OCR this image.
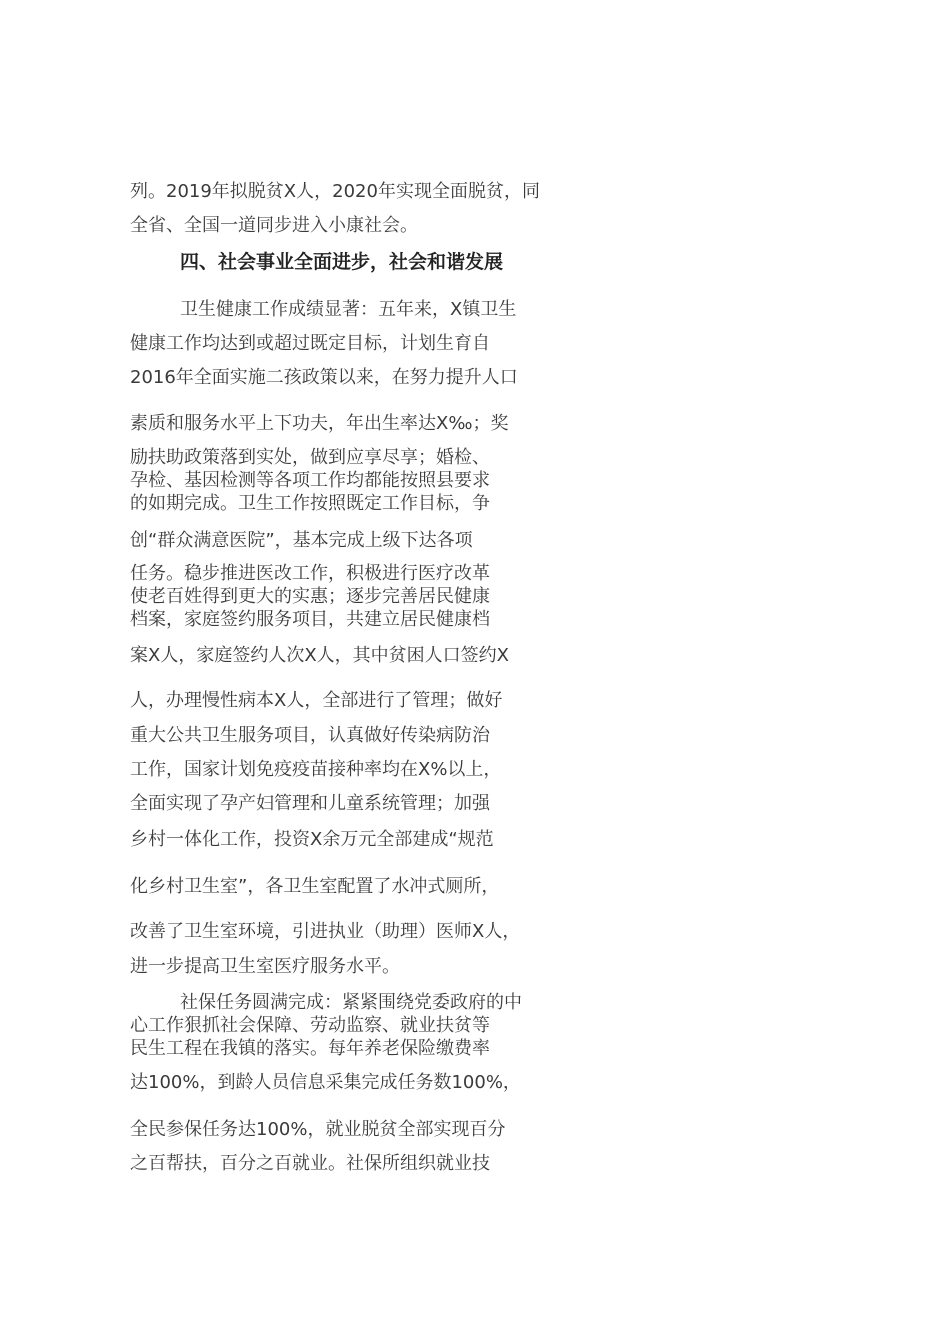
列。2019年拟脱贫X人，2020年实现全面脱贫，同
全省、全国一道同步进入小康社会。
四、社会事业全面进步，社会和谐发展
卫生健康工作成绩显著：五年来，X镇卫生
健康工作均达到或超过既定目标，计划生育自
2016年全面实施二孩政策以来，在努力提升人口
素质和服务水平上下功夫，年出生率达X‰；奖
励扶助政策落到实处，做到应享尽享；婚检、
孕检、基因检测等各项工作均都能按照县要求
的如期完成。卫生工作按照既定工作目标，争
创“群众满意医院”，基本完成上级下达各项
任务。稳步推进医改工作，积极进行医疗改革
使老百姓得到更大的实惠；逐步完善居民健康
档案，家庭签约服务项目，共建立居民健康档
案X人，家庭签约人次X人，其中贫困人口签约X
人，办理慢性病本X人，全部进行了管理；做好
重大公共卫生服务项目，认真做好传染病防治
工作，国家计划免疫疫苗接种率均在X%以上，
全面实现了孕产妇管理和儿童系统管理；加强
乡村一体化工作，投资X余万元全部建成“规范
化乡村卫生室”，各卫生室配置了水冲式厕所，
改善了卫生室环境，引进执业（助理）医师X人，
进一步提高卫生室医疗服务水平。
社保任务圆满完成：紧紧围绕党委政府的中
心工作狠抓社会保障、劳动监察、就业扶贫等
民生工程在我镇的落实。每年养老保险缴费率
达100%，到龄人员信息采集完成任务数100%，
全民参保任务达100%，就业脱贫全部实现百分
之百帮扶，百分之百就业。社保所组织就业技
